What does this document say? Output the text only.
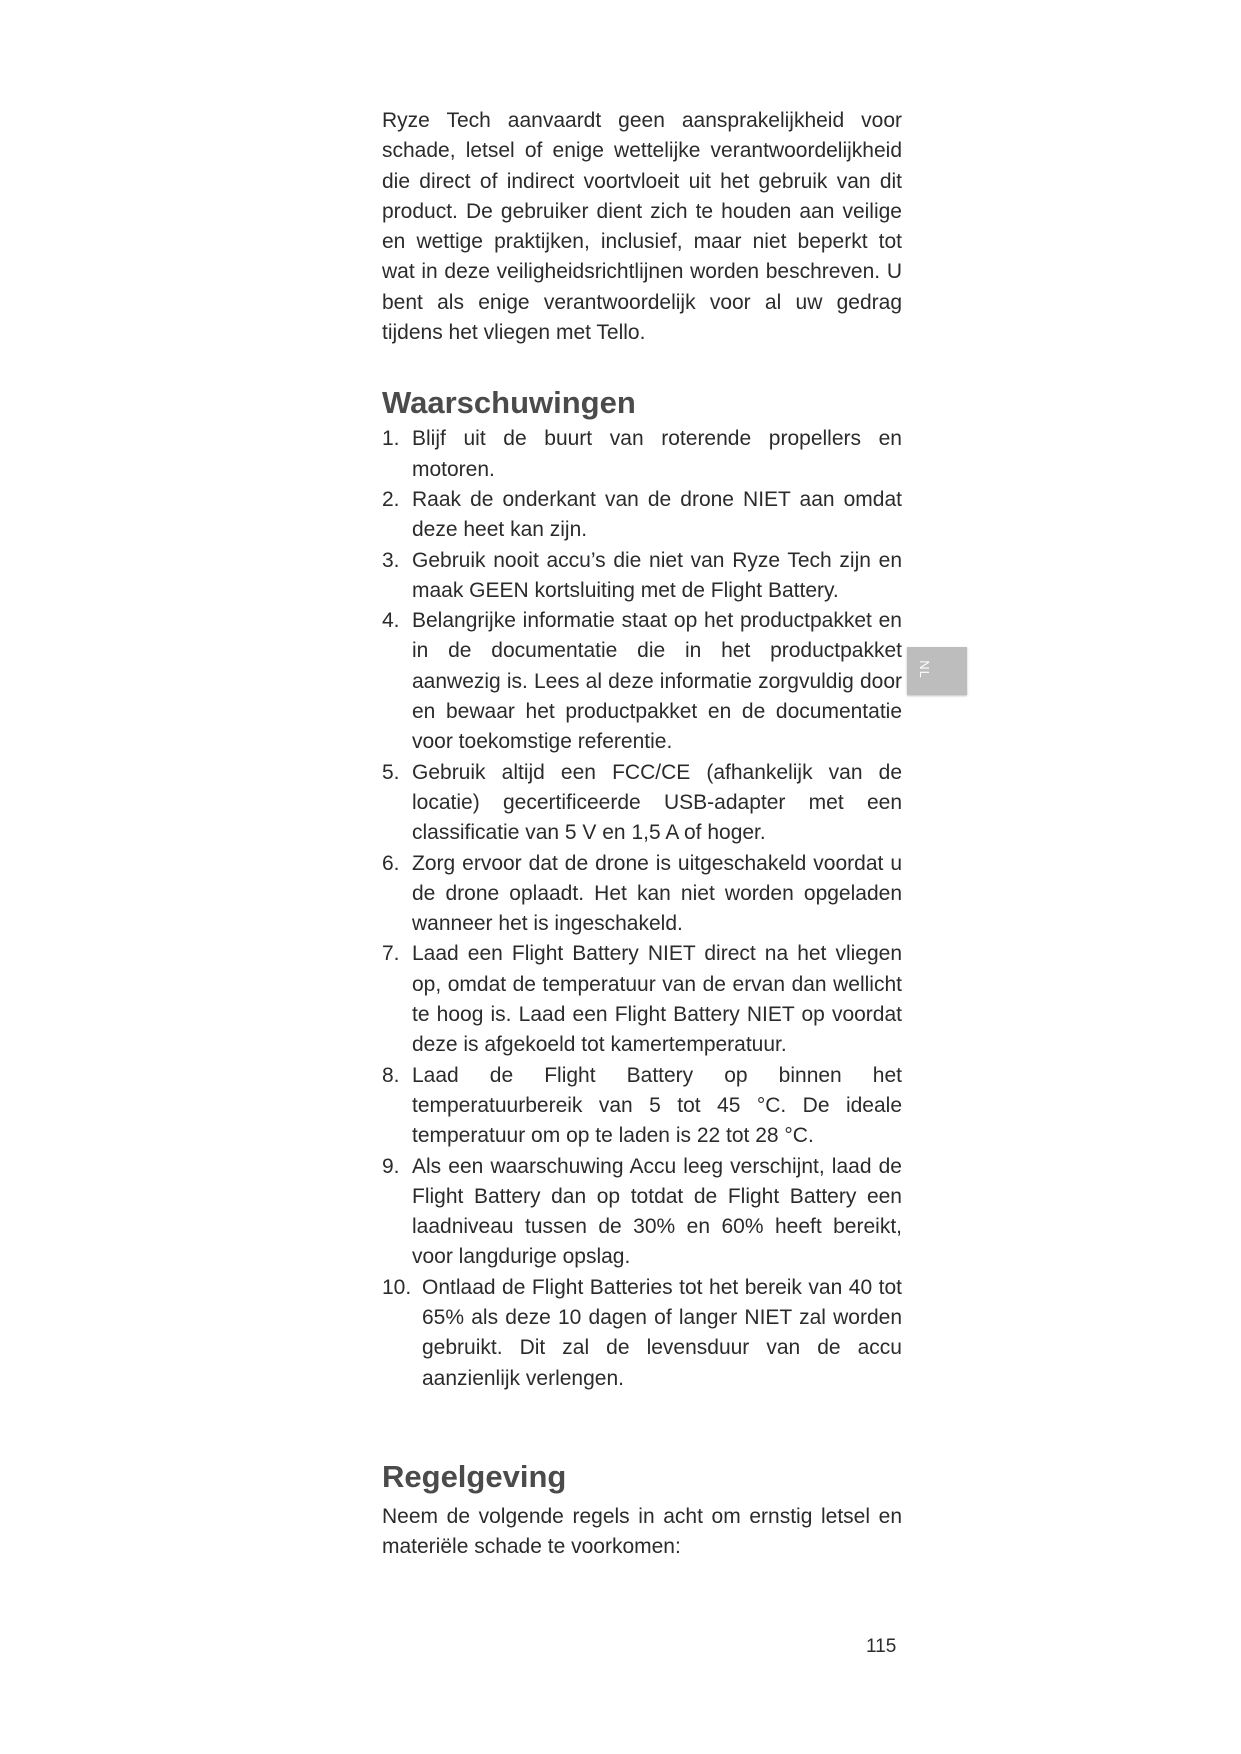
Ryze Tech aanvaardt geen aansprakelijkheid voor schade, letsel of enige wettelijke verantwoordelijkheid die direct of indirect voortvloeit uit het gebruik van dit product. De gebruiker dient zich te houden aan veilige en wettige praktijken, inclusief, maar niet beperkt tot wat in deze veiligheidsrichtlijnen worden beschreven. U bent als enige verantwoordelijk voor al uw gedrag tijdens het vliegen met Tello.

Waarschuwingen
1. Blijf uit de buurt van roterende propellers en motoren.
2. Raak de onderkant van de drone NIET aan omdat deze heet kan zijn.
3. Gebruik nooit accu’s die niet van Ryze Tech zijn en maak GEEN kortsluiting met de Flight Battery.
4. Belangrijke informatie staat op het productpakket en in de documentatie die in het productpakket aanwezig is. Lees al deze informatie zorgvuldig door en bewaar het productpakket en de documentatie voor toekomstige referentie.
5. Gebruik altijd een FCC/CE (afhankelijk van de locatie) gecertificeerde USB-adapter met een classificatie van 5 V en 1,5 A of hoger.
6. Zorg ervoor dat de drone is uitgeschakeld voordat u de drone oplaadt. Het kan niet worden opgeladen wanneer het is ingeschakeld.
7. Laad een Flight Battery NIET direct na het vliegen op, omdat de temperatuur van de ervan dan wellicht te hoog is. Laad een Flight Battery NIET op voordat deze is afgekoeld tot kamertemperatuur.
8. Laad de Flight Battery op binnen het temperatuurbereik van 5 tot 45 °C. De ideale temperatuur om op te laden is 22 tot 28 °C.
9. Als een waarschuwing Accu leeg verschijnt, laad de Flight Battery dan op totdat de Flight Battery een laadniveau tussen de 30% en 60% heeft bereikt, voor langdurige opslag.
10. Ontlaad de Flight Batteries tot het bereik van 40 tot 65% als deze 10 dagen of langer NIET zal worden gebruikt. Dit zal de levensduur van de accu aanzienlijk verlengen.
Regelgeving

Neem de volgende regels in acht om ernstig letsel en materiële schade te voorkomen:

NL
115
